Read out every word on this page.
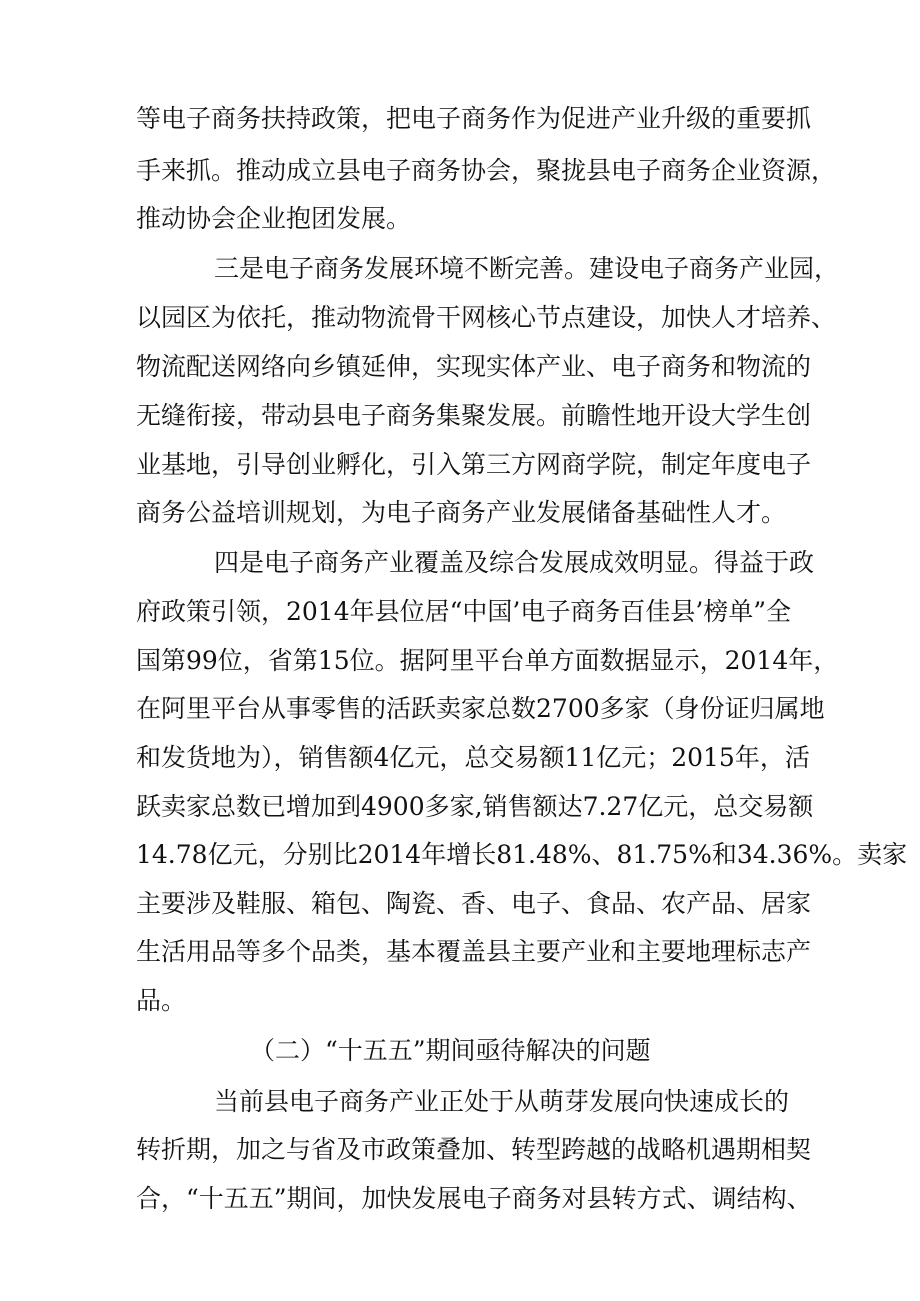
等电子商务扶持政策，把电子商务作为促进产业升级的重要抓
手来抓。推动成立县电子商务协会，聚拢县电子商务企业资源，
推动协会企业抱团发展。
三是电子商务发展环境不断完善。建设电子商务产业园，
以园区为依托，推动物流骨干网核心节点建设，加快人才培养、
物流配送网络向乡镇延伸，实现实体产业、电子商务和物流的
无缝衔接，带动县电子商务集聚发展。前瞻性地开设大学生创
业基地，引导创业孵化，引入第三方网商学院，制定年度电子
商务公益培训规划，为电子商务产业发展储备基础性人才。
四是电子商务产业覆盖及综合发展成效明显。得益于政
府政策引领，2014年县位居“中国’电子商务百佳县’榜单”全
国第99位，省第15位。据阿里平台单方面数据显示，2014年，
在阿里平台从事零售的活跃卖家总数2700多家（身份证归属地
和发货地为），销售额4亿元，总交易额11亿元；2015年，活
跃卖家总数已增加到4900多家,销售额达7.27亿元，总交易额
14.78亿元，分别比2014年增长81.48%、81.75%和34.36%。卖家
主要涉及鞋服、箱包、陶瓷、香、电子、食品、农产品、居家
生活用品等多个品类，基本覆盖县主要产业和主要地理标志产
品。
（二）“十五五”期间亟待解决的问题
当前县电子商务产业正处于从萌芽发展向快速成长的
转折期，加之与省及市政策叠加、转型跨越的战略机遇期相契
合，“十五五”期间，加快发展电子商务对县转方式、调结构、
